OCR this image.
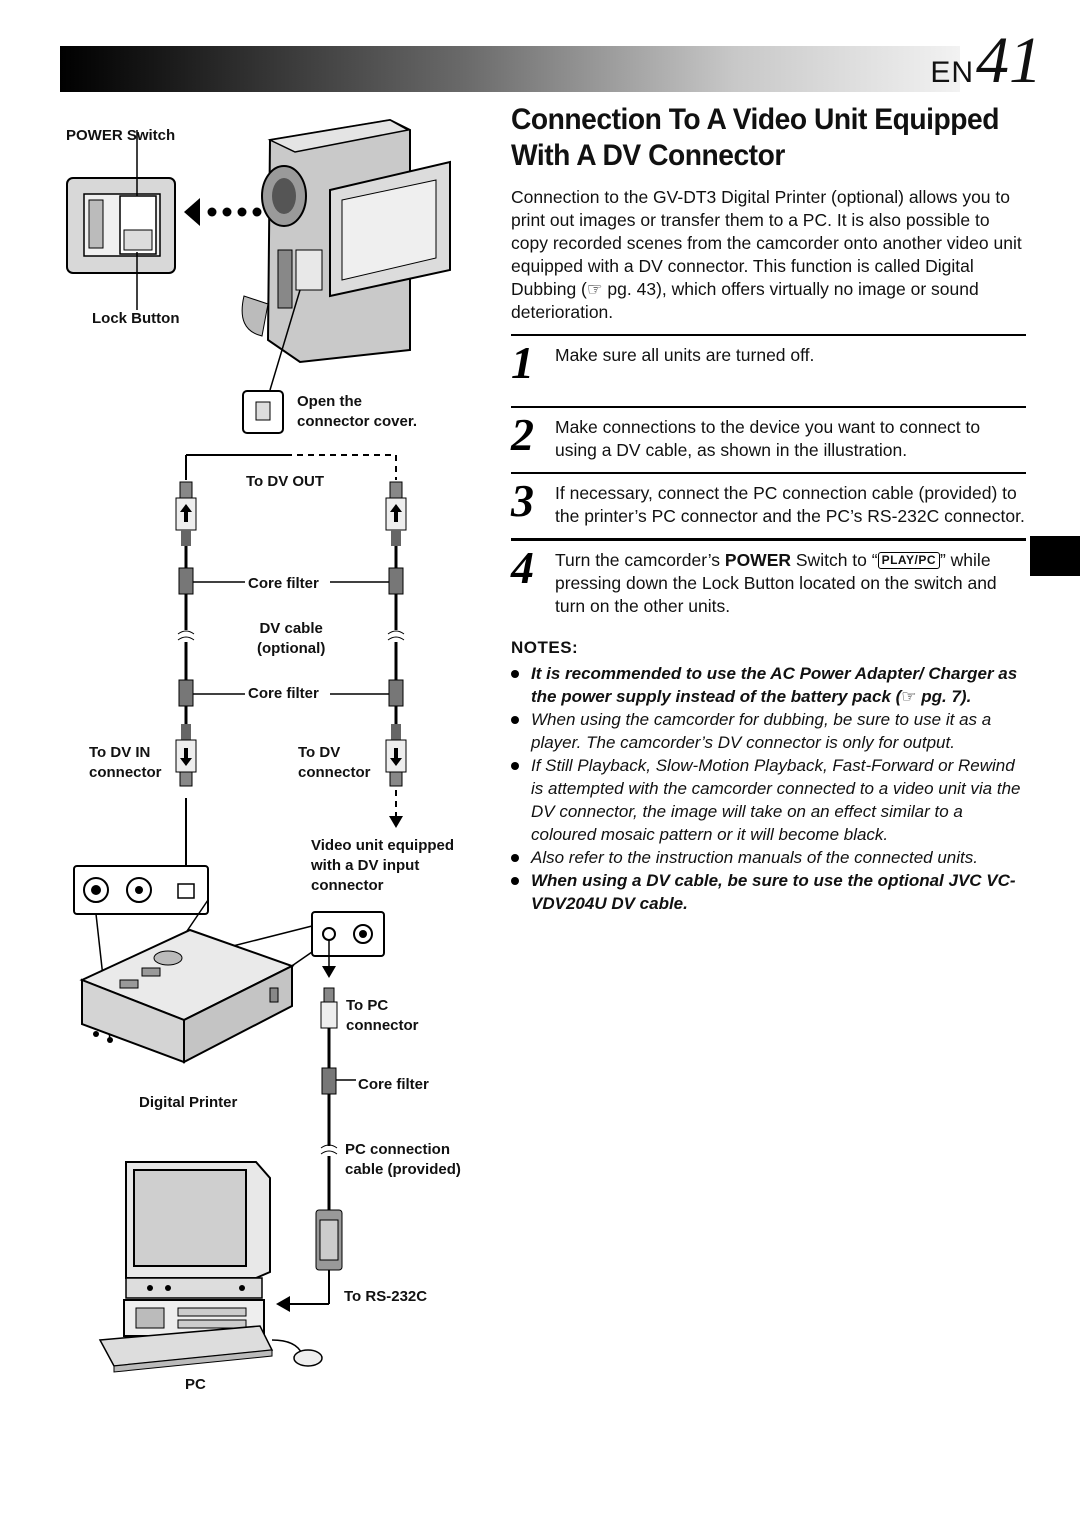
EN 41
POWER Switch
Lock Button
Open the
connector cover.
To DV OUT
Core filter
DV cable
(optional)
Core filter
To DV IN
connector
To DV
connector
Video unit equipped
with a DV input
connector
To PC
connector
Core filter
Digital Printer
PC connection
cable (provided)
To RS-232C
PC
Connection To A Video Unit Equipped With A DV Connector

Connection to the GV-DT3 Digital Printer (optional) allows you to print out images or transfer them to a PC. It is also possible to copy recorded scenes from the camcorder onto another video unit equipped with a DV connector. This function is called Digital Dubbing (☞ pg. 43), which offers virtually no image or sound deterioration.

1 Make sure all units are turned off.
2 Make connections to the device you want to connect to using a DV cable, as shown in the illustration.
3 If necessary, connect the PC connection cable (provided) to the printer’s PC connector and the PC’s RS-232C connector.
4 Turn the camcorder’s POWER Switch to “ PLAY/PC ” while pressing down the Lock Button located on the switch and turn on the other units.
NOTES:
It is recommended to use the AC Power Adapter/ Charger as the power supply instead of the battery pack (☞ pg. 7).
When using the camcorder for dubbing, be sure to use it as a player. The camcorder’s DV connector is only for output.
If Still Playback, Slow-Motion Playback, Fast-Forward or Rewind is attempted with the camcorder connected to a video unit via the DV connector, the image will take on an effect similar to a coloured mosaic pattern or it will become black.
Also refer to the instruction manuals of the connected units.
When using a DV cable, be sure to use the optional JVC VC-VDV204U DV cable.
